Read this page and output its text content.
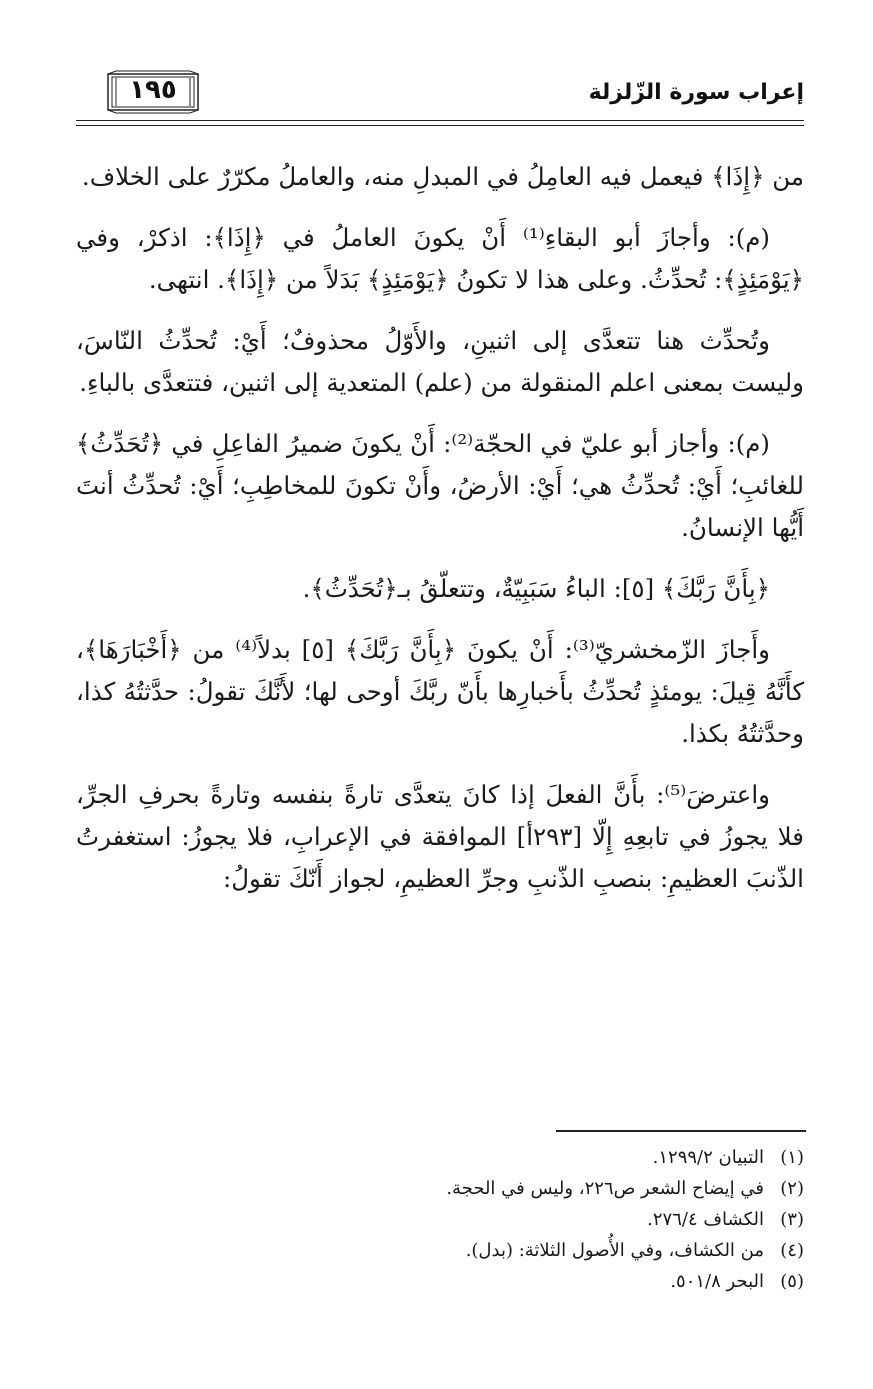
إعراب سورة الزّلزلة
١٩٥

من ﴿إِذَا﴾ فيعمل فيه العامِلُ في المبدلِ منه، والعاملُ مكرّرٌ على الخلاف.

(م): وأجازَ أبو البقاءِ⁽¹⁾ أَنْ يكونَ العاملُ في ﴿إِذَا﴾: اذكرْ، وفي ﴿يَوْمَئِذٍ﴾: تُحدِّثُ. وعلى هذا لا تكونُ ﴿يَوْمَئِذٍ﴾ بَدَلاً من ﴿إِذَا﴾. انتهى.

وتُحدِّث هنا تتعدَّى إلى اثنينِ، والأَوّلُ محذوفٌ؛ أَيْ: تُحدِّثُ النّاسَ، وليست بمعنى اعلم المنقولة من (علم) المتعدية إلى اثنين، فتتعدَّى بالباءِ.

(م): وأجاز أبو عليّ في الحجّة⁽²⁾: أَنْ يكونَ ضميرُ الفاعِلِ في ﴿تُحَدِّثُ﴾ للغائبِ؛ أَيْ: تُحدِّثُ هي؛ أَيْ: الأرضُ، وأَنْ تكونَ للمخاطِبِ؛ أَيْ: تُحدِّثُ أنتَ أَيُّها الإنسانُ.

﴿بِأَنَّ رَبَّكَ﴾ [٥]: الباءُ سَبَبِيّةٌ، وتتعلّقُ بـ﴿تُحَدِّثُ﴾.

وأَجازَ الزّمخشريّ⁽³⁾: أَنْ يكونَ ﴿بِأَنَّ رَبَّكَ﴾ [٥] بدلاً⁽⁴⁾ من ﴿أَخْبَارَهَا﴾، كأَنَّهُ قِيلَ: يومئذٍ تُحدِّثُ بأَخبارِها بأَنّ ربَّكَ أوحى لها؛ لأَنَّكَ تقولُ: حدَّثتُهُ كذا، وحدَّثتُهُ بكذا.

واعترضَ⁽⁵⁾: بأَنَّ الفعلَ إذا كانَ يتعدَّى تارةً بنفسه وتارةً بحرفِ الجرِّ، فلا يجوزُ في تابعِهِ إِلّا [٢٩٣أ] الموافقة في الإعرابِ، فلا يجوزُ: استغفرتُ الذّنبَ العظيمِ: بنصبِ الذّنبِ وجرِّ العظيمِ، لجواز أَنّكَ تقولُ:

(١)
التبيان ١٢٩٩/٢.
(٢)
في إيضاح الشعر ص٢٢٦، وليس في الحجة.
(٣)
الكشاف ٢٧٦/٤.
(٤)
من الكشاف، وفي الأُصول الثلاثة: (بدل).
(٥)
البحر ٥٠١/٨.
